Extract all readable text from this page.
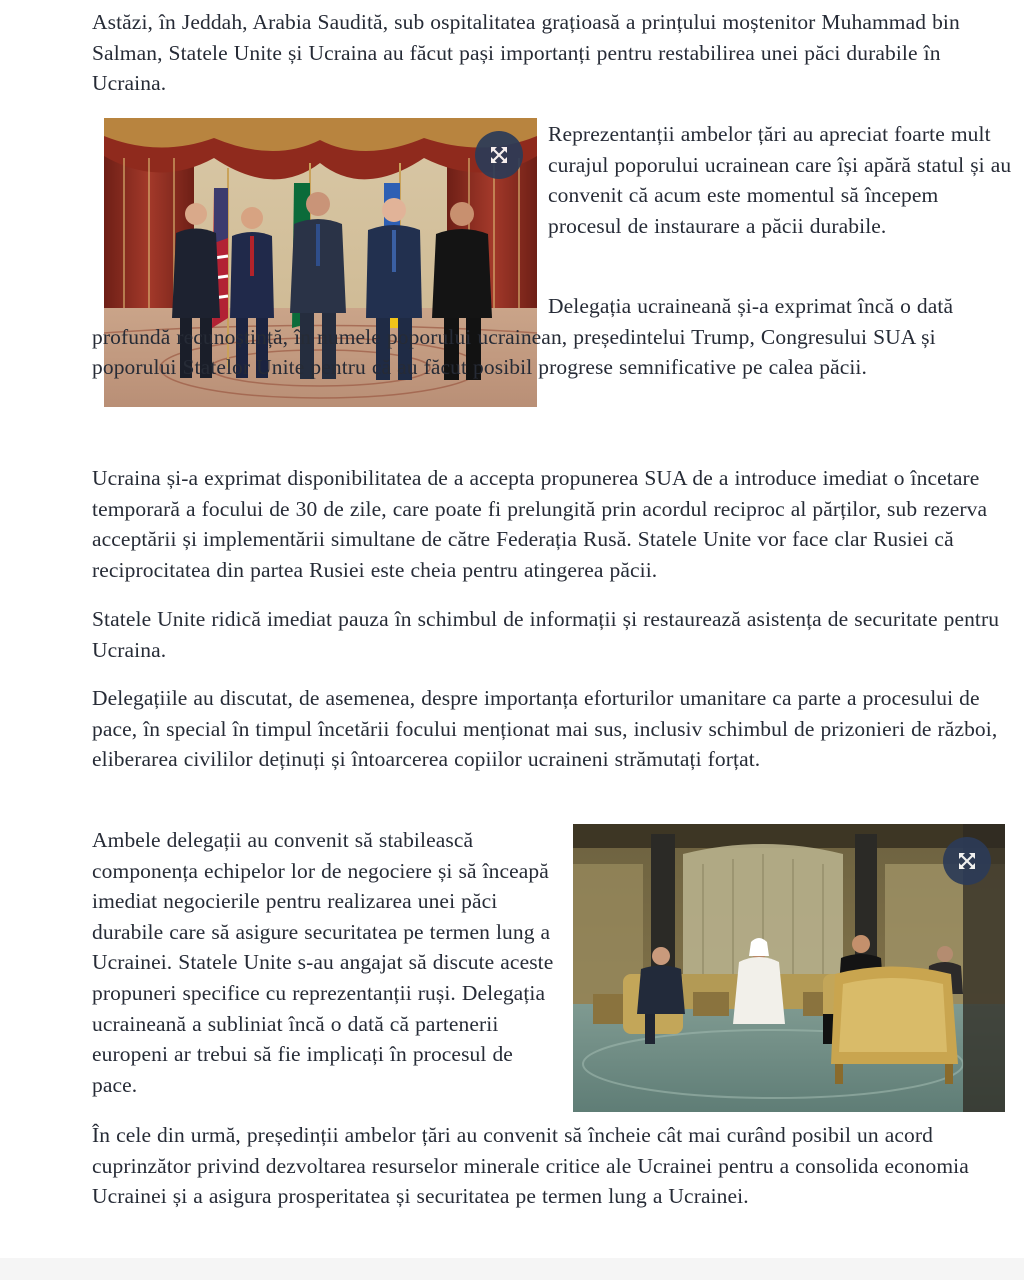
Astăzi, în Jeddah, Arabia Saudită, sub ospitalitatea grațioasă a prințului moștenitor Muhammad bin Salman, Statele Unite și Ucraina au făcut pași importanți pentru restabilirea unei păci durabile în Ucraina.

Reprezentanții ambelor țări au apreciat foarte mult curajul poporului ucrainean care își apără statul și au convenit că acum este momentul să începem procesul de instaurare a păcii durabile.

Delegația ucraineană și-a exprimat încă o dată profundă recunoștință, în numele poporului ucrainean, președintelui Trump, Congresului SUA și poporului Statelor Unite pentru că au făcut posibil progrese semnificative pe calea păcii.

Ucraina și-a exprimat disponibilitatea de a accepta propunerea SUA de a introduce imediat o încetare temporară a focului de 30 de zile, care poate fi prelungită prin acordul reciproc al părților, sub rezerva acceptării și implementării simultane de către Federația Rusă. Statele Unite vor face clar Rusiei că reciprocitatea din partea Rusiei este cheia pentru atingerea păcii.

Statele Unite ridică imediat pauza în schimbul de informații și restaurează asistența de securitate pentru Ucraina.

Delegațiile au discutat, de asemenea, despre importanța eforturilor umanitare ca parte a procesului de pace, în special în timpul încetării focului menționat mai sus, inclusiv schimbul de prizonieri de război, eliberarea civililor deținuți și întoarcerea copiilor ucraineni strămutați forțat.

Ambele delegații au convenit să stabilească componența echipelor lor de negociere și să înceapă imediat negocierile pentru realizarea unei păci durabile care să asigure securitatea pe termen lung a Ucrainei. Statele Unite s-au angajat să discute aceste propuneri specifice cu reprezentanții ruși. Delegația ucraineană a subliniat încă o dată că partenerii europeni ar trebui să fie implicați în procesul de pace.

În cele din urmă, președinții ambelor țări au convenit să încheie cât mai curând posibil un acord cuprinzător privind dezvoltarea resurselor minerale critice ale Ucrainei pentru a consolida economia Ucrainei și a asigura prosperitatea și securitatea pe termen lung a Ucrainei.
